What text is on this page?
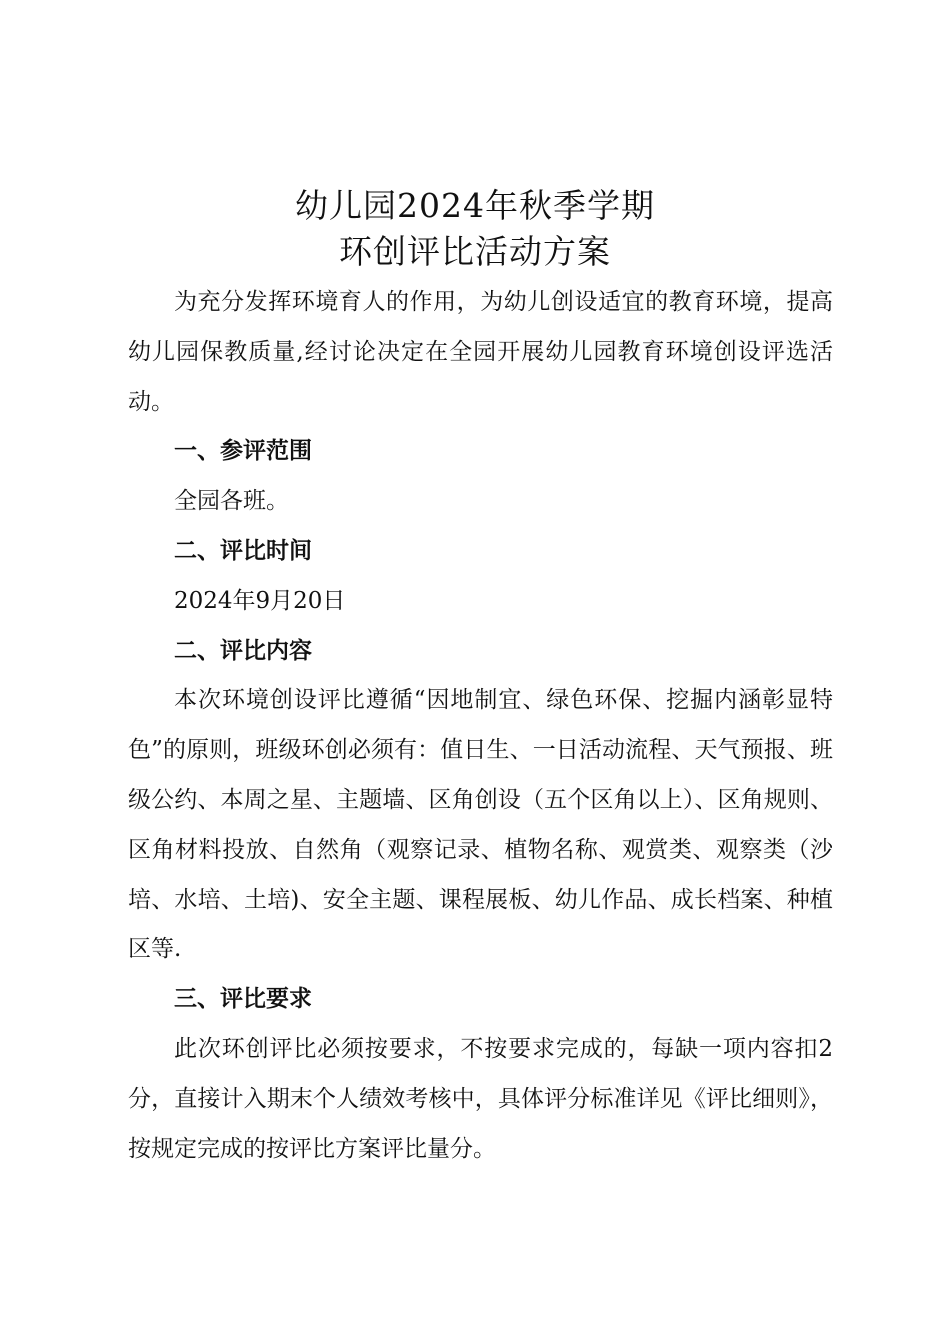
幼儿园2024年秋季学期
环创评比活动方案

为充分发挥环境育人的作用，为幼儿创设适宜的教育环境，提高幼儿园保教质量,经讨论决定在全园开展幼儿园教育环境创设评选活动。

一、参评范围

全园各班。

二、评比时间

2024年9月20日

二、评比内容

本次环境创设评比遵循“因地制宜、绿色环保、挖掘内涵彰显特色”的原则，班级环创必须有：值日生、一日活动流程、天气预报、班级公约、本周之星、主题墙、区角创设（五个区角以上）、区角规则、区角材料投放、自然角（观察记录、植物名称、观赏类、观察类（沙培、水培、土培)、安全主题、课程展板、幼儿作品、成长档案、种植区等.

三、评比要求

此次环创评比必须按要求，不按要求完成的，每缺一项内容扣2分，直接计入期末个人绩效考核中，具体评分标准详见《评比细则》，按规定完成的按评比方案评比量分。
